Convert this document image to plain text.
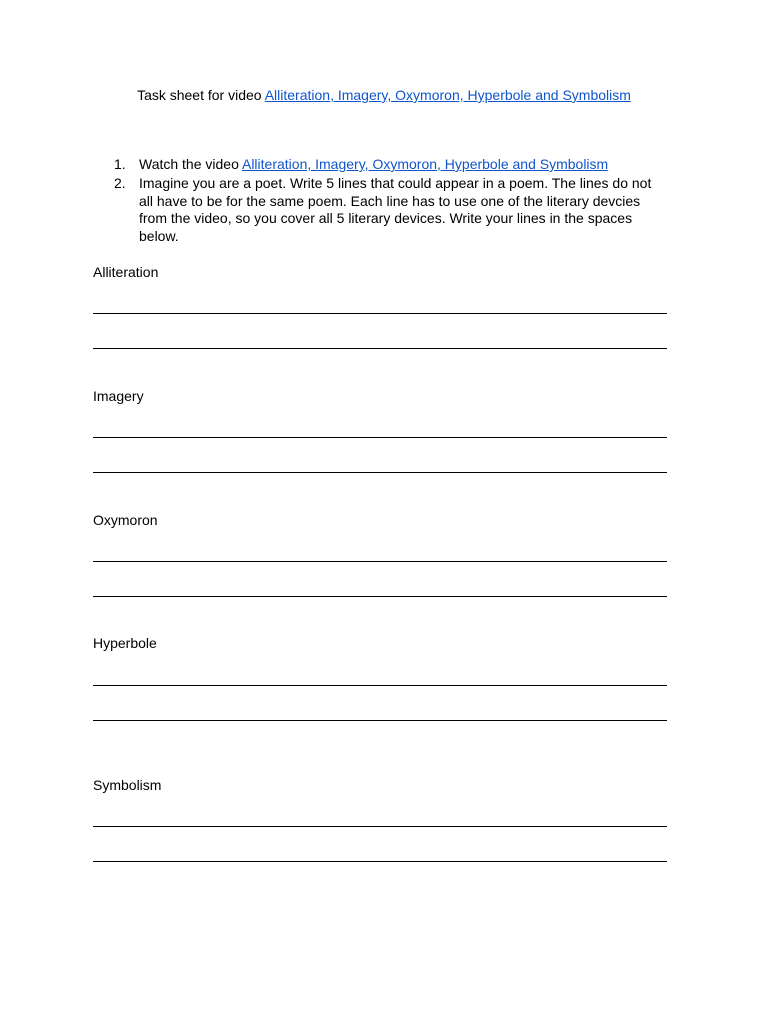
Task sheet for video Alliteration, Imagery, Oxymoron, Hyperbole and Symbolism
1. Watch the video Alliteration, Imagery, Oxymoron, Hyperbole and Symbolism
2. Imagine you are a poet. Write 5 lines that could appear in a poem. The lines do not all have to be for the same poem. Each line has to use one of the literary devcies from the video, so you cover all 5 literary devices. Write your lines in the spaces below.
Alliteration
Imagery
Oxymoron
Hyperbole
Symbolism
